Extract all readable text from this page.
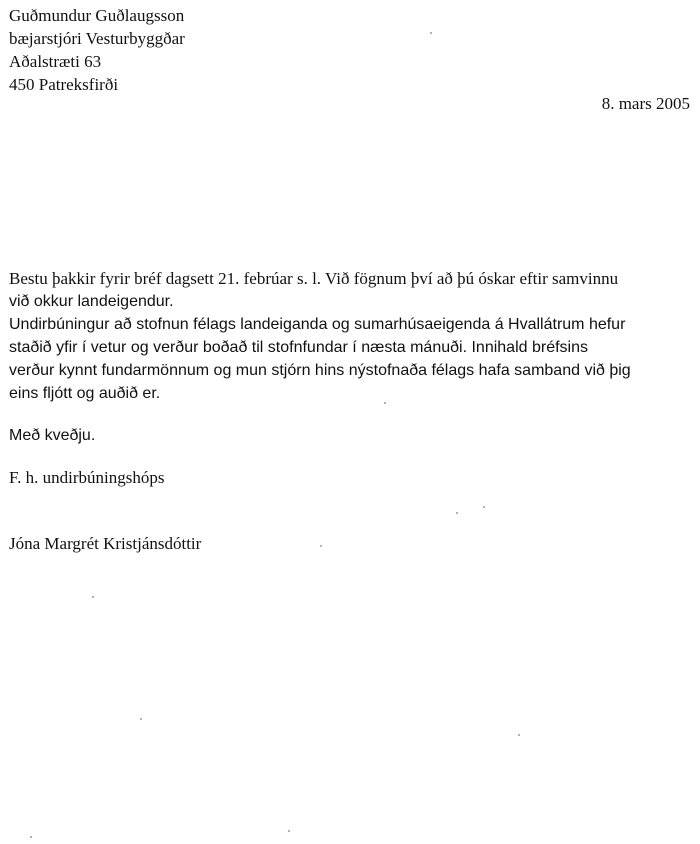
Guðmundur Guðlaugsson
bæjarstjóri Vesturbyggðar
Aðalstræti 63
450 Patreksfirði
8. mars 2005
Bestu þakkir fyrir bréf dagsett 21. febrúar s. l. Við fögnum því að þú óskar eftir samvinnu
við okkur landeigendur.
Undirbúningur að stofnun félags landeiganda og sumarhúsaeigenda á Hvallátrum hefur
staðið yfir í vetur og verður boðað til stofnfundar í næsta mánuði. Innihald bréfsins
verður kynnt fundarmönnum og mun stjórn hins nýstofnaða félags hafa samband við þig
eins fljótt og auðið er.
Með kveðju.
F. h. undirbúningshóps
Jóna Margrét Kristjánsdóttir
